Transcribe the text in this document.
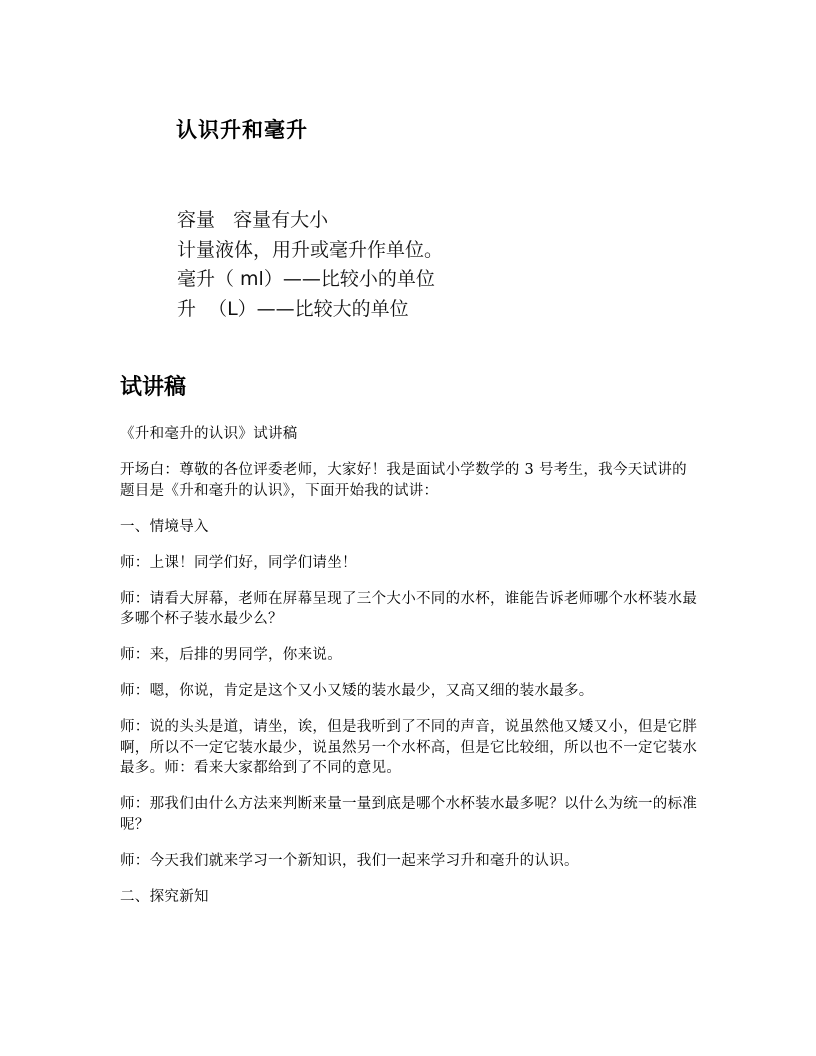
认识升和毫升
容量   容量有大小
计量液体，用升或毫升作单位。
毫升（ ml）——比较小的单位
升  （L）——比较大的单位
试讲稿

《升和毫升的认识》试讲稿

开场白：尊敬的各位评委老师，大家好！我是面试小学数学的 3 号考生，我今天试讲的题目是《升和毫升的认识》，下面开始我的试讲：

一、情境导入

师：上课！同学们好，同学们请坐！

师：请看大屏幕，老师在屏幕呈现了三个大小不同的水杯，谁能告诉老师哪个水杯装水最多哪个杯子装水最少么？

师：来，后排的男同学，你来说。

师：嗯，你说，肯定是这个又小又矮的装水最少，又高又细的装水最多。

师：说的头头是道，请坐，诶，但是我听到了不同的声音，说虽然他又矮又小，但是它胖啊，所以不一定它装水最少，说虽然另一个水杯高，但是它比较细，所以也不一定它装水最多。师：看来大家都给到了不同的意见。

师：那我们由什么方法来判断来量一量到底是哪个水杯装水最多呢？以什么为统一的标准呢？

师：今天我们就来学习一个新知识，我们一起来学习升和毫升的认识。

二、探究新知
